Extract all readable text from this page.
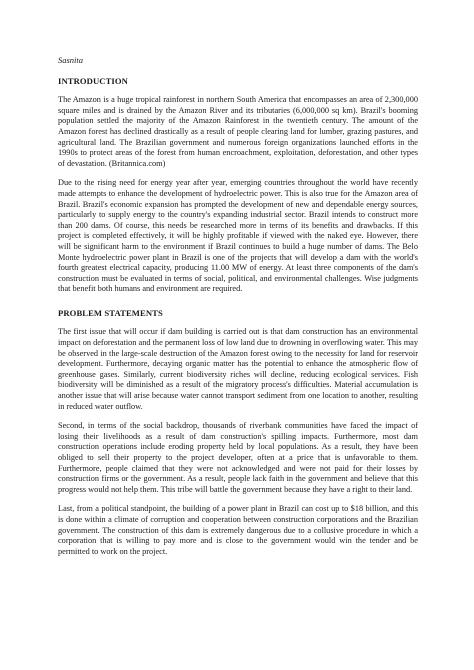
Sasnita
INTRODUCTION

The Amazon is a huge tropical rainforest in northern South America that encompasses an area of 2,300,000 square miles and is drained by the Amazon River and its tributaries (6,000,000 sq km). Brazil's booming population settled the majority of the Amazon Rainforest in the twentieth century. The amount of the Amazon forest has declined drastically as a result of people clearing land for lumber, grazing pastures, and agricultural land. The Brazilian government and numerous foreign organizations launched efforts in the 1990s to protect areas of the forest from human encroachment, exploitation, deforestation, and other types of devastation. (Britannica.com)

Due to the rising need for energy year after year, emerging countries throughout the world have recently made attempts to enhance the development of hydroelectric power. This is also true for the Amazon area of Brazil. Brazil's economic expansion has prompted the development of new and dependable energy sources, particularly to supply energy to the country's expanding industrial sector. Brazil intends to construct more than 200 dams. Of course, this needs be researched more in terms of its benefits and drawbacks. If this project is completed effectively, it will be highly profitable if viewed with the naked eye. However, there will be significant harm to the environment if Brazil continues to build a huge number of dams. The Belo Monte hydroelectric power plant in Brazil is one of the projects that will develop a dam with the world's fourth greatest electrical capacity, producing 11.00 MW of energy. At least three components of the dam's construction must be evaluated in terms of social, political, and environmental challenges. Wise judgments that benefit both humans and environment are required.

PROBLEM STATEMENTS

The first issue that will occur if dam building is carried out is that dam construction has an environmental impact on deforestation and the permanent loss of low land due to drowning in overflowing water. This may be observed in the large-scale destruction of the Amazon forest owing to the necessity for land for reservoir development. Furthermore, decaying organic matter has the potential to enhance the atmospheric flow of greenhouse gases. Similarly, current biodiversity riches will decline, reducing ecological services. Fish biodiversity will be diminished as a result of the migratory process's difficulties. Material accumulation is another issue that will arise because water cannot transport sediment from one location to another, resulting in reduced water outflow.

Second, in terms of the social backdrop, thousands of riverbank communities have faced the impact of losing their livelihoods as a result of dam construction's spilling impacts. Furthermore, most dam construction operations include eroding property held by local populations. As a result, they have been obliged to sell their property to the project developer, often at a price that is unfavorable to them. Furthermore, people claimed that they were not acknowledged and were not paid for their losses by construction firms or the government. As a result, people lack faith in the government and believe that this progress would not help them. This tribe will battle the government because they have a right to their land.

Last, from a political standpoint, the building of a power plant in Brazil can cost up to $18 billion, and this is done within a climate of corruption and cooperation between construction corporations and the Brazilian government. The construction of this dam is extremely dangerous due to a collusive procedure in which a corporation that is willing to pay more and is close to the government would win the tender and be permitted to work on the project.
